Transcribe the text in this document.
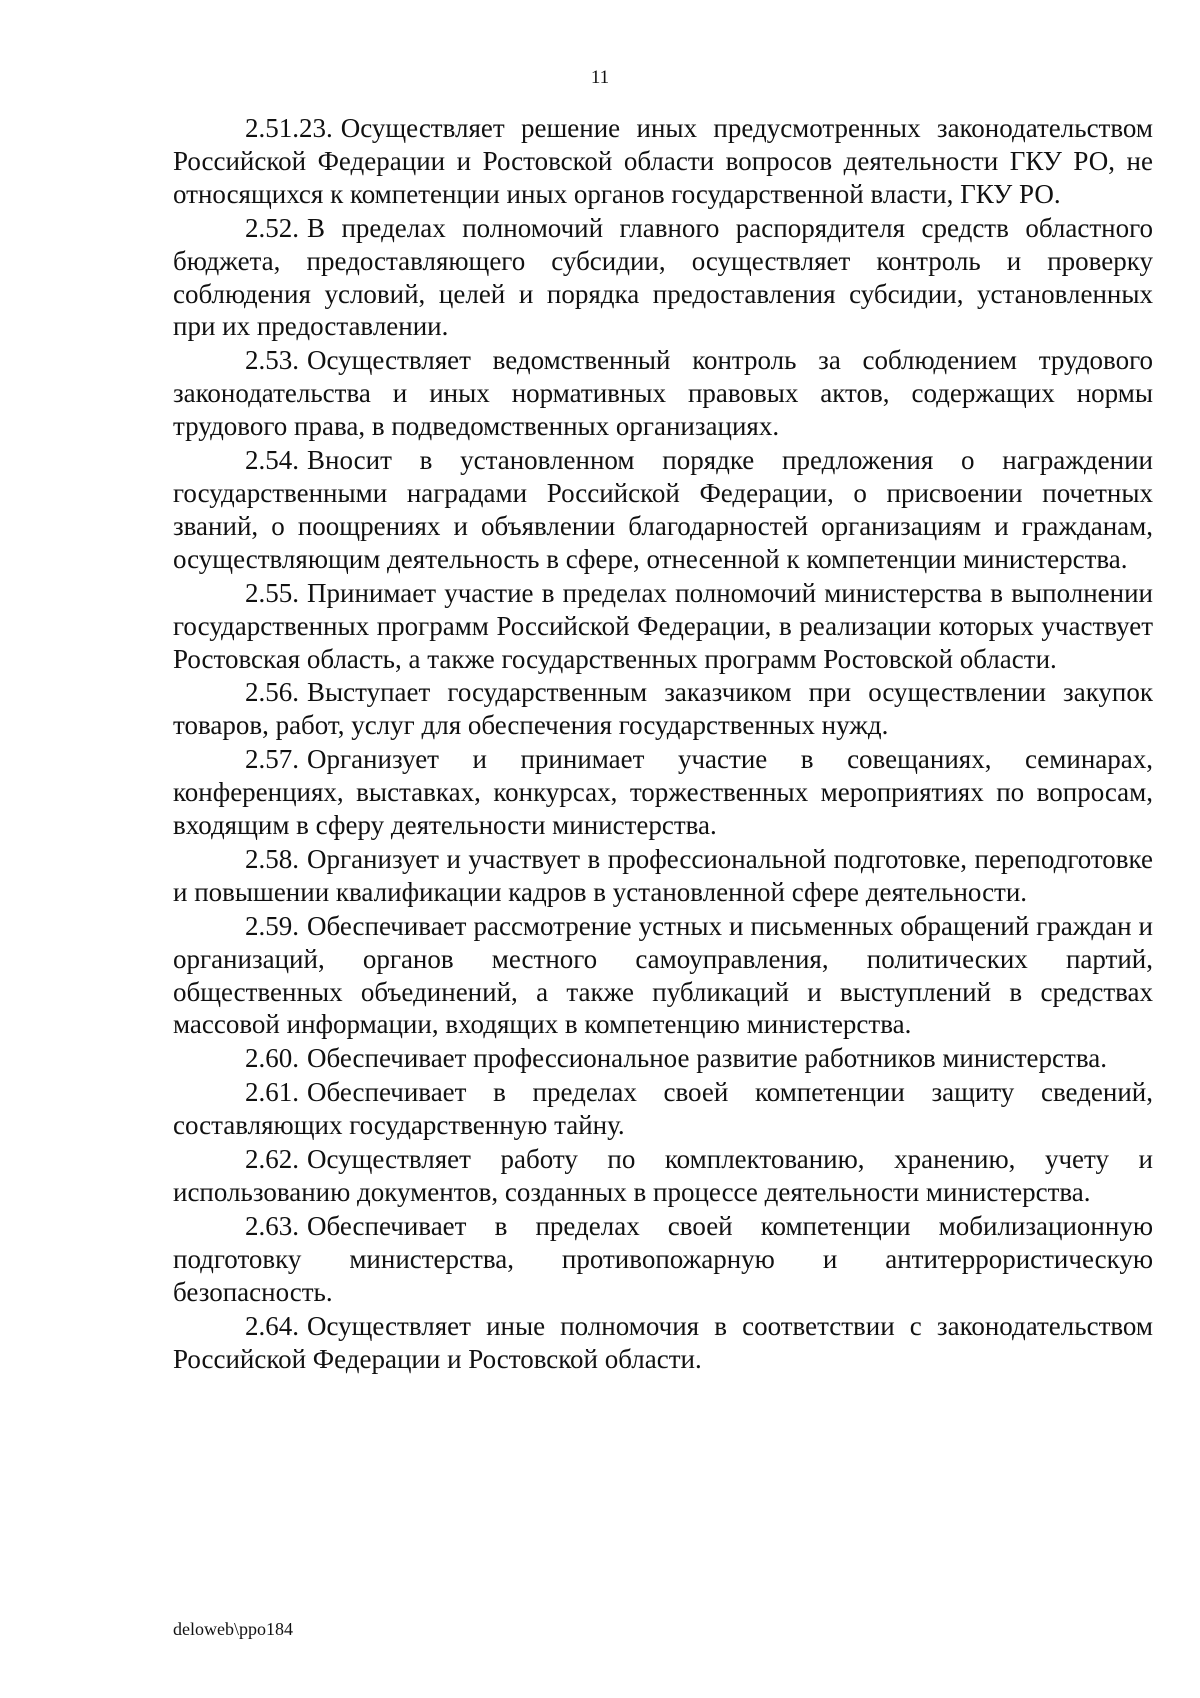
11

2.51.23. Осуществляет решение иных предусмотренных законодательством Российской Федерации и Ростовской области вопросов деятельности ГКУ РО, не относящихся к компетенции иных органов государственной власти, ГКУ РО.

2.52. В пределах полномочий главного распорядителя средств областного бюджета, предоставляющего субсидии, осуществляет контроль и проверку соблюдения условий, целей и порядка предоставления субсидии, установленных при их предоставлении.

2.53. Осуществляет ведомственный контроль за соблюдением трудового законодательства и иных нормативных правовых актов, содержащих нормы трудового права, в подведомственных организациях.

2.54. Вносит в установленном порядке предложения о награждении государственными наградами Российской Федерации, о присвоении почетных званий, о поощрениях и объявлении благодарностей организациям и гражданам, осуществляющим деятельность в сфере, отнесенной к компетенции министерства.

2.55. Принимает участие в пределах полномочий министерства в выполнении государственных программ Российской Федерации, в реализации которых участвует Ростовская область, а также государственных программ Ростовской области.

2.56. Выступает государственным заказчиком при осуществлении закупок товаров, работ, услуг для обеспечения государственных нужд.

2.57. Организует и принимает участие в совещаниях, семинарах, конференциях, выставках, конкурсах, торжественных мероприятиях по вопросам, входящим в сферу деятельности министерства.

2.58. Организует и участвует в профессиональной подготовке, переподготовке и повышении квалификации кадров в установленной сфере деятельности.

2.59. Обеспечивает рассмотрение устных и письменных обращений граждан и организаций, органов местного самоуправления, политических партий, общественных объединений, а также публикаций и выступлений в средствах массовой информации, входящих в компетенцию министерства.

2.60. Обеспечивает профессиональное развитие работников министерства.

2.61. Обеспечивает в пределах своей компетенции защиту сведений, составляющих государственную тайну.

2.62. Осуществляет работу по комплектованию, хранению, учету и использованию документов, созданных в процессе деятельности министерства.

2.63. Обеспечивает в пределах своей компетенции мобилизационную подготовку министерства, противопожарную и антитеррористическую безопасность.

2.64. Осуществляет иные полномочия в соответствии с законодательством Российской Федерации и Ростовской области.

deloweb\ppo184
